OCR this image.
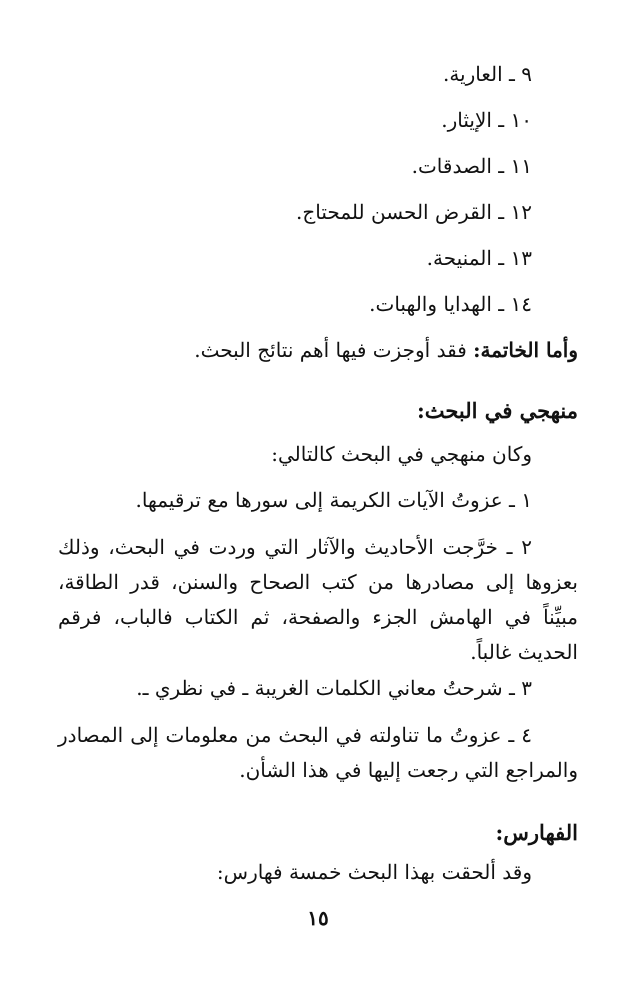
٩ ـ العارية.
١٠ ـ الإيثار.
١١ ـ الصدقات.
١٢ ـ القرض الحسن للمحتاج.
١٣ ـ المنيحة.
١٤ ـ الهدايا والهبات.
وأما الخاتمة: فقد أوجزت فيها أهم نتائج البحث.
منهجي في البحث:
وكان منهجي في البحث كالتالي:
١ ـ عزوتُ الآيات الكريمة إلى سورها مع ترقيمها.
٢ ـ خرَّجت الأحاديث والآثار التي وردت في البحث، وذلك بعزوها إلى مصادرها من كتب الصحاح والسنن، قدر الطاقة، مبيِّناً في الهامش الجزء والصفحة، ثم الكتاب فالباب، فرقم الحديث غالباً.
٣ ـ شرحتُ معاني الكلمات الغريبة ـ في نظري ـ.
٤ ـ عزوتُ ما تناولته في البحث من معلومات إلى المصادر والمراجع التي رجعت إليها في هذا الشأن.
الفهارس:
وقد ألحقت بهذا البحث خمسة فهارس:
١٥
